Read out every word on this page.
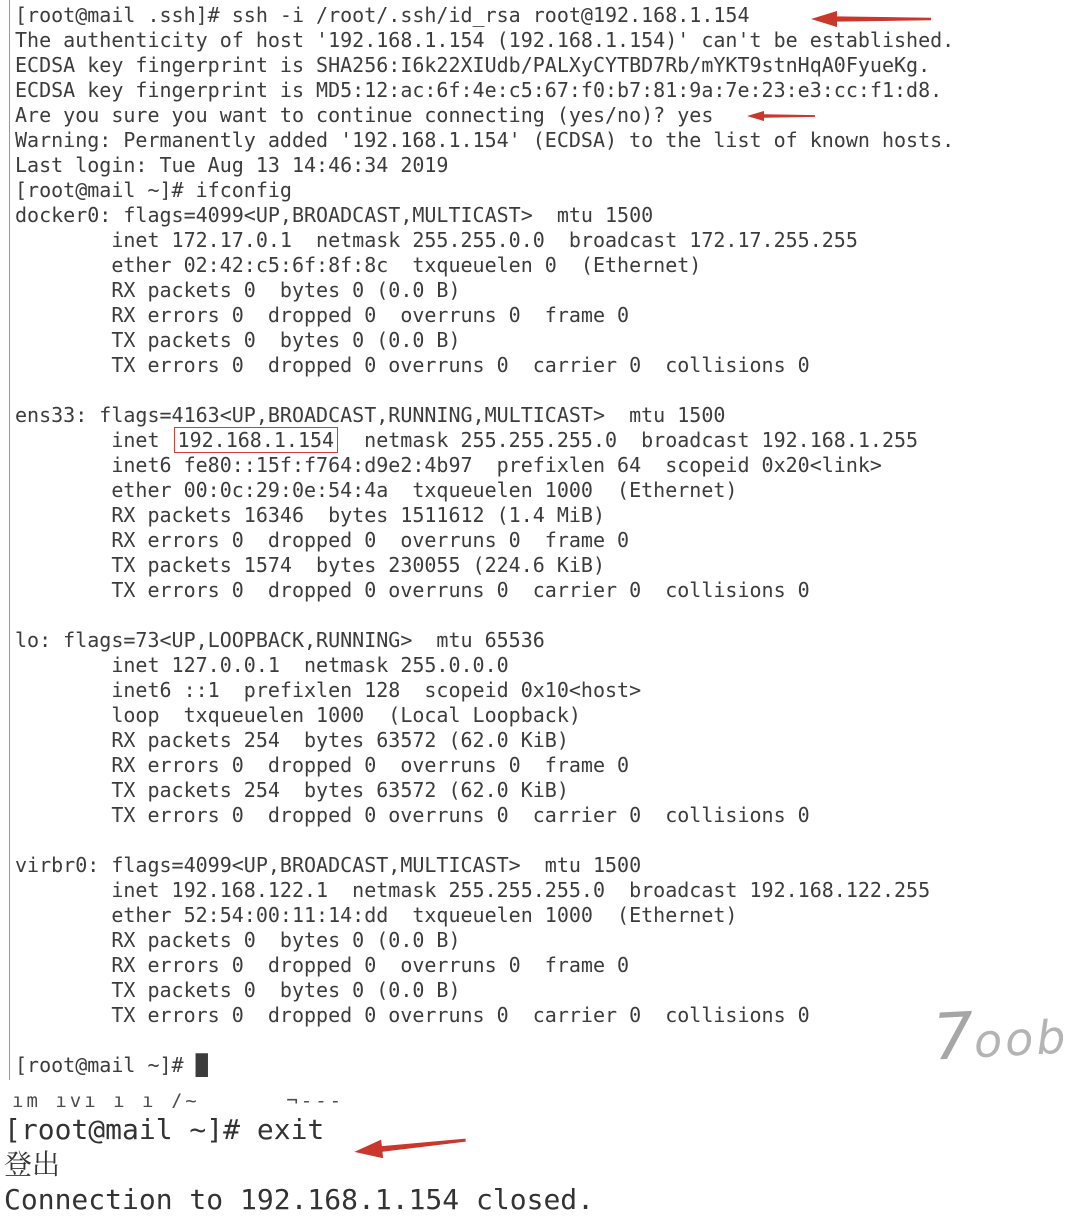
[root@mail .ssh]# ssh -i /root/.ssh/id_rsa root@192.168.1.154
The authenticity of host '192.168.1.154 (192.168.1.154)' can't be established.
ECDSA key fingerprint is SHA256:I6k22XIUdb/PALXyCYTBD7Rb/mYKT9stnHqA0FyueKg.
ECDSA key fingerprint is MD5:12:ac:6f:4e:c5:67:f0:b7:81:9a:7e:23:e3:cc:f1:d8.
Are you sure you want to continue connecting (yes/no)? yes
Warning: Permanently added '192.168.1.154' (ECDSA) to the list of known hosts.
Last login: Tue Aug 13 14:46:34 2019
[root@mail ~]# ifconfig
docker0: flags=4099<UP,BROADCAST,MULTICAST>  mtu 1500
inet 172.17.0.1  netmask 255.255.0.0  broadcast 172.17.255.255
ether 02:42:c5:6f:8f:8c  txqueuelen 0  (Ethernet)
RX packets 0  bytes 0 (0.0 B)
RX errors 0  dropped 0  overruns 0  frame 0
TX packets 0  bytes 0 (0.0 B)
TX errors 0  dropped 0 overruns 0  carrier 0  collisions 0

ens33: flags=4163<UP,BROADCAST,RUNNING,MULTICAST>  mtu 1500
inet 192.168.1.154  netmask 255.255.255.0  broadcast 192.168.1.255
inet6 fe80::15f:f764:d9e2:4b97  prefixlen 64  scopeid 0x20<link>
ether 00:0c:29:0e:54:4a  txqueuelen 1000  (Ethernet)
RX packets 16346  bytes 1511612 (1.4 MiB)
RX errors 0  dropped 0  overruns 0  frame 0
TX packets 1574  bytes 230055 (224.6 KiB)
TX errors 0  dropped 0 overruns 0  carrier 0  collisions 0

lo: flags=73<UP,LOOPBACK,RUNNING>  mtu 65536
inet 127.0.0.1  netmask 255.0.0.0
inet6 ::1  prefixlen 128  scopeid 0x10<host>
loop  txqueuelen 1000  (Local Loopback)
RX packets 254  bytes 63572 (62.0 KiB)
RX errors 0  dropped 0  overruns 0  frame 0
TX packets 254  bytes 63572 (62.0 KiB)
TX errors 0  dropped 0 overruns 0  carrier 0  collisions 0

virbr0: flags=4099<UP,BROADCAST,MULTICAST>  mtu 1500
inet 192.168.122.1  netmask 255.255.255.0  broadcast 192.168.122.255
ether 52:54:00:11:14:dd  txqueuelen 1000  (Ethernet)
RX packets 0  bytes 0 (0.0 B)
RX errors 0  dropped 0  overruns 0  frame 0
TX packets 0  bytes 0 (0.0 B)
TX errors 0  dropped 0 overruns 0  carrier 0  collisions 0

[root@mail ~]# █
ım ıvı ı ı /~      ¬---
[root@mail ~]# exit
登出
Connection to 192.168.1.154 closed.
7oob
